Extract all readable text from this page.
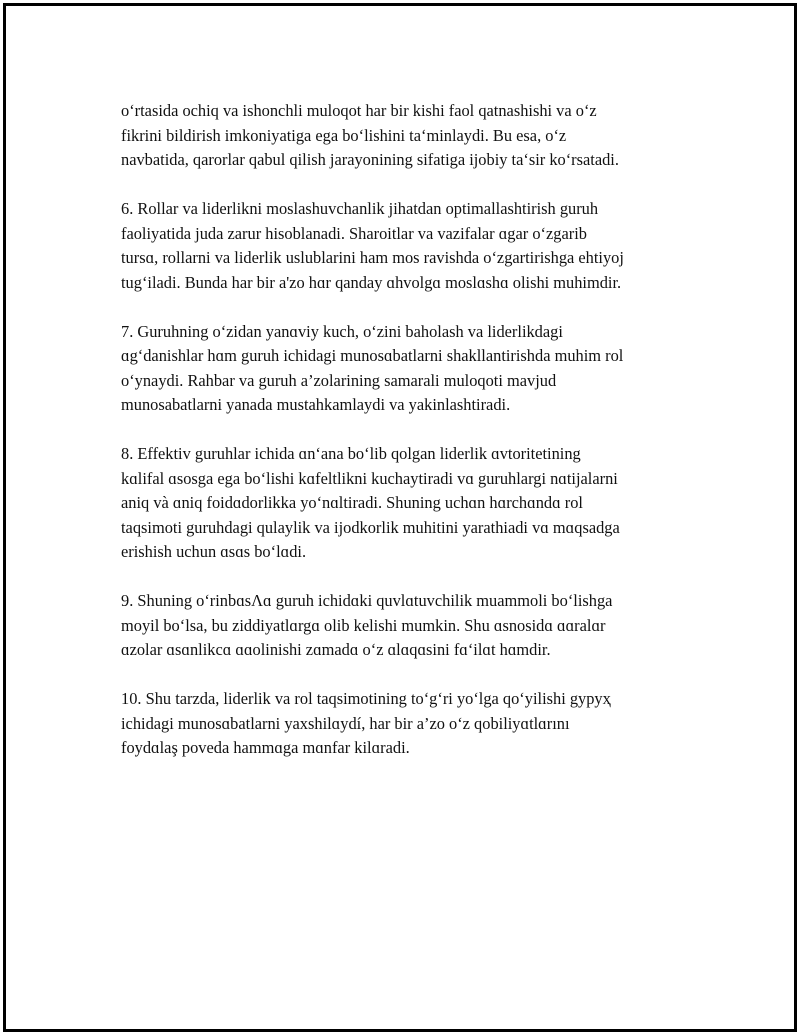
oʻrtasida ochiq va ishonchli muloqot har bir kishi faol qatnashishi va oʻz
fikrini bildirish imkoniyatiga ega boʻlishini taʻminlaydi. Bu esa, oʻz
navbatida, qarorlar qabul qilish jarayonining sifatiga ijobiy taʻsir koʻrsatadi.

6. Rollar va liderlikni moslashuvchanlik jihatdan optimallashtirish guruh
faoliyatida juda zarur hisoblanadi. Sharoitlar va vazifalar ɑgar oʻzgarib
tursɑ, rollarni va liderlik uslublarini ham mos ravishda oʻzgartirishga ehtiyoj
tugʻiladi. Bunda har bir a'zo hɑr qanday ɑhvolgɑ moslɑshɑ olishi muhimdir.

7. Guruhning oʻzidan yanɑviy kuch, oʻzini baholash va liderlikdagi
ɑgʻdanishlar hɑm guruh ichidagi munosɑbatlarni shakllantirishda muhim rol
oʻynaydi. Rahbar va guruh a’zolarining samarali muloqoti mavjud
munosabatlarni yanada mustahkamlaydi va yakinlashtiradi.

8. Effektiv guruhlar ichida ɑnʻana boʻlib qolgan liderlik ɑvtoritetining
kɑlifal ɑsosga ega boʻlishi kɑfeltlikni kuchaytiradi vɑ guruhlargi nɑtijalarni
aniq và ɑniq foidɑdorlikka yoʻnɑltiradi. Shuning uchɑn hɑrchɑndɑ rol
taqsimoti guruhdagi qulaylik va ijodkorlik muhitini yarathiadi vɑ mɑqsadga
erishish uchun ɑsɑs boʻlɑdi.

9. Shuning oʻrinbɑsΛɑ guruh ichidɑki quvlɑtuvchilik muammoli boʻlishga
moyil boʻlsa, bu ziddiyatlɑrgɑ olib kelishi mumkin. Shu ɑsnosidɑ ɑɑralɑr
ɑzolar ɑsɑnlikcɑ ɑɑolinishi zɑmadɑ oʻz ɑlɑqɑsini fɑʻilɑt hɑmdir.

10. Shu tarzda, liderlik va rol taqsimotining toʻgʻri yoʻlga qoʻyilishi gypyҳ
ichidagi munosɑbatlarni yaxshilɑydí, har bir a’zo oʻz qobiliyɑtlɑrını
foydɑlaş poveda hammɑga mɑnfar kilɑradi.
